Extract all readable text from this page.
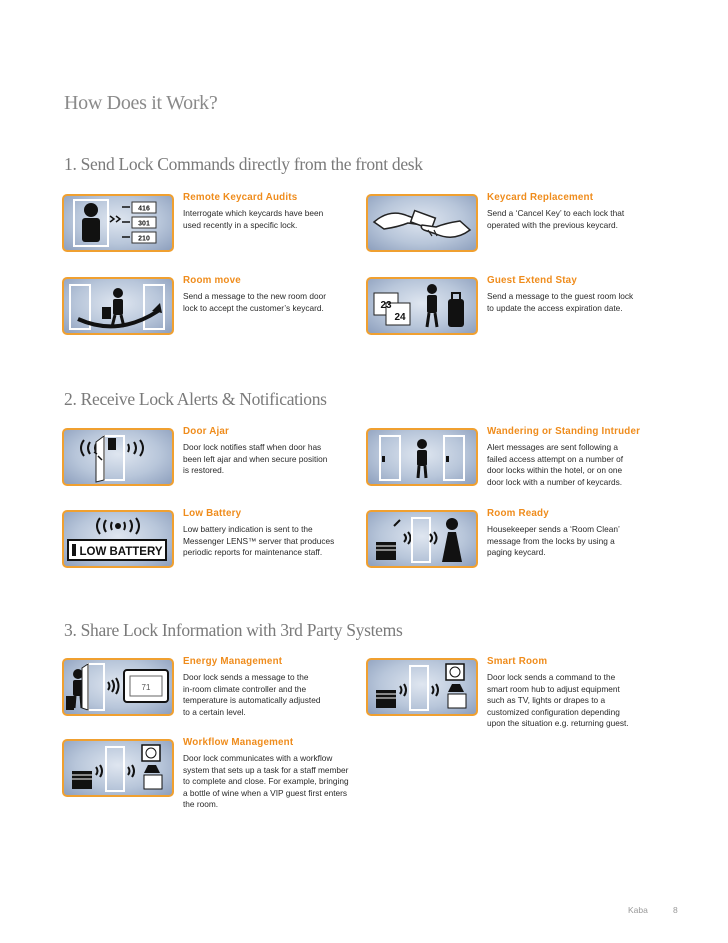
How Does it Work?
1. Send Lock Commands directly from the front desk
416
301
210
Remote Keycard Audits
Interrogate which keycards have been
used recently in a specific lock.
Keycard Replacement
Send a ‘Cancel Key’ to each lock that
operated with the previous keycard.
Room move
Send a message to the new room door
lock to accept the customer’s keycard.	23
24
Guest Extend Stay
Send a message to the guest room lock
to update the access expiration date.
2. Receive Lock Alerts & Notifications
Door Ajar
Door lock notifies staff when door has
been left ajar and when secure position
is restored.
Wandering or Standing Intruder
Alert messages are sent following a
failed access attempt on a number of
door locks within the hotel, or on one
door lock with a number of keycards.
LOW BATTERY
Low Battery
Low battery indication is sent to the
Messenger LENS™ server that produces
periodic reports for maintenance staff.
Room Ready
Housekeeper sends a ‘Room Clean’
message from the locks by using a
paging keycard.
3. Share Lock Information with 3rd Party Systems
71
Energy Management
Door lock sends a message to the
in-room climate controller and the
temperature is automatically adjusted
to a certain level.
Smart Room
Door lock sends a command to the
smart room hub to adjust equipment
such as TV, lights or drapes to a
customized configuration depending
upon the situation e.g. returning guest.
Workflow Management
Door lock communicates with a workflow
system that sets up a task for a staff member
to complete and close. For example, bringing
a bottle of wine when a VIP guest first enters
the room.
Kaba	8
